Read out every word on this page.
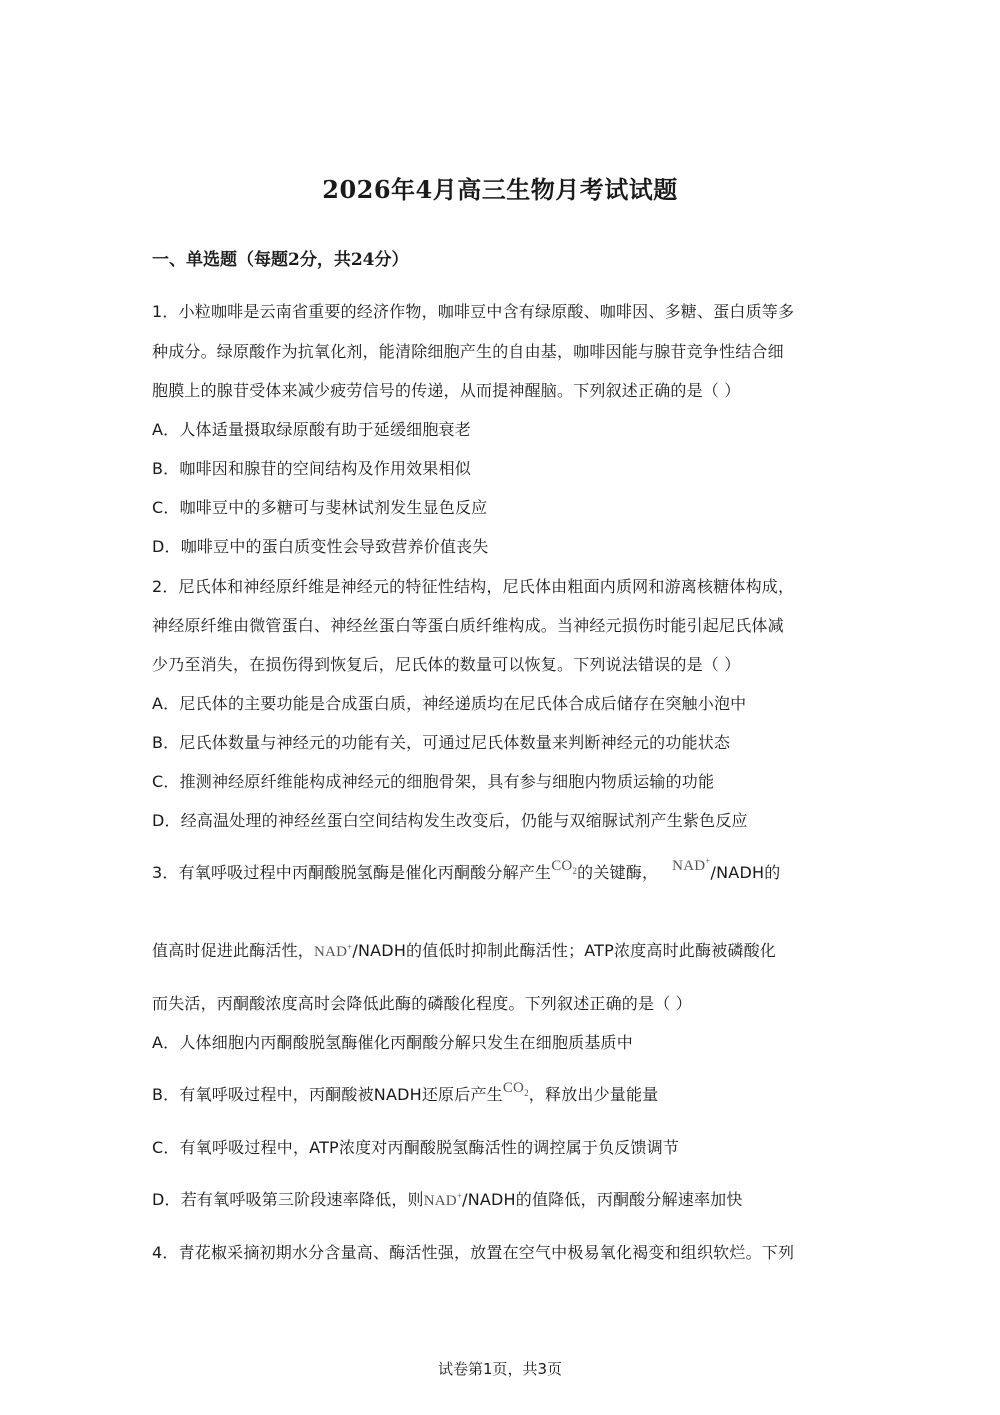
2026年4月高三生物月考试试题
一、单选题（每题2分，共24分）
1．小粒咖啡是云南省重要的经济作物，咖啡豆中含有绿原酸、咖啡因、多糖、蛋白质等多
种成分。绿原酸作为抗氧化剂，能清除细胞产生的自由基，咖啡因能与腺苷竞争性结合细
胞膜上的腺苷受体来减少疲劳信号的传递，从而提神醒脑。下列叙述正确的是（ ）
A．人体适量摄取绿原酸有助于延缓细胞衰老
B．咖啡因和腺苷的空间结构及作用效果相似
C．咖啡豆中的多糖可与斐林试剂发生显色反应
D．咖啡豆中的蛋白质变性会导致营养价值丧失
2．尼氏体和神经原纤维是神经元的特征性结构，尼氏体由粗面内质网和游离核糖体构成，
神经原纤维由微管蛋白、神经丝蛋白等蛋白质纤维构成。当神经元损伤时能引起尼氏体减
少乃至消失，在损伤得到恢复后，尼氏体的数量可以恢复。下列说法错误的是（ ）
A．尼氏体的主要功能是合成蛋白质，神经递质均在尼氏体合成后储存在突触小泡中
B．尼氏体数量与神经元的功能有关，可通过尼氏体数量来判断神经元的功能状态
C．推测神经原纤维能构成神经元的细胞骨架，具有参与细胞内物质运输的功能
D．经高温处理的神经丝蛋白空间结构发生改变后，仍能与双缩脲试剂产生紫色反应
3．有氧呼吸过程中丙酮酸脱氢酶是催化丙酮酸分解产生$CO_2$的关键酶， NAD+/NADH的
值高时促进此酶活性，NAD+/NADH的值低时抑制此酶活性；ATP浓度高时此酶被磷酸化
而失活，丙酮酸浓度高时会降低此酶的磷酸化程度。下列叙述正确的是（ ）
A．人体细胞内丙酮酸脱氢酶催化丙酮酸分解只发生在细胞质基质中
B．有氧呼吸过程中，丙酮酸被NADH还原后产生$CO_2$，释放出少量能量
C．有氧呼吸过程中，ATP浓度对丙酮酸脱氢酶活性的调控属于负反馈调节
D．若有氧呼吸第三阶段速率降低，则NAD+/NADH的值降低，丙酮酸分解速率加快
4．青花椒采摘初期水分含量高、酶活性强，放置在空气中极易氧化褐变和组织软烂。下列
试卷第1页，共3页
